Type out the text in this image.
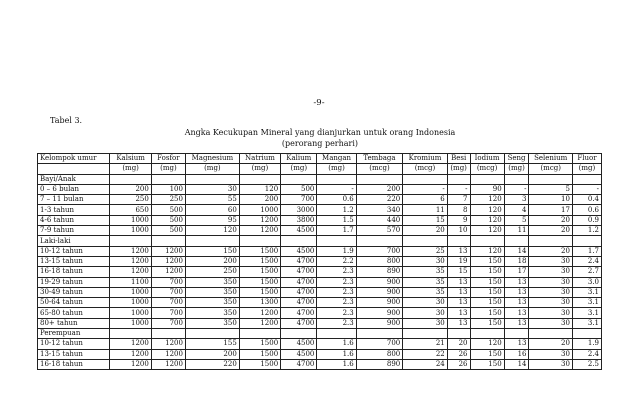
-9-
Tabel 3.
Angka Kecukupan Mineral yang dianjurkan untuk orang Indonesia
(perorang perhari)
Kelompok umur	Kalsium	Fosfor	Magnesium	Natrium	Kalium	Mangan	Tembaga	Kromium	Besi	Iodium	Seng	Selenium	Fluor
	(mg)	(mg)	(mg)	(mg)	(mg)	(mg)	(mcg)	(mcg)	(mg)	(mcg)	(mg)	(mcg)	(mg)
Bayi/Anak													
0 – 6 bulan	200	100	30	120	500	-	200	-	-	90	-	5	-
7 – 11 bulan	250	250	55	200	700	0.6	220	6	7	120	3	10	0.4
1-3 tahun	650	500	60	1000	3000	1.2	340	11	8	120	4	17	0.6
4-6 tahun	1000	500	95	1200	3800	1.5	440	15	9	120	5	20	0.9
7-9 tahun	1000	500	120	1200	4500	1.7	570	20	10	120	11	20	1.2
Laki-laki													
10-12 tahun	1200	1200	150	1500	4500	1.9	700	25	13	120	14	20	1.7
13-15 tahun	1200	1200	200	1500	4700	2.2	800	30	19	150	18	30	2.4
16-18 tahun	1200	1200	250	1500	4700	2.3	890	35	15	150	17	30	2.7
19-29 tahun	1100	700	350	1500	4700	2.3	900	35	13	150	13	30	3.0
30-49 tahun	1000	700	350	1500	4700	2.3	900	35	13	150	13	30	3.1
50-64 tahun	1000	700	350	1300	4700	2.3	900	30	13	150	13	30	3.1
65-80 tahun	1000	700	350	1200	4700	2.3	900	30	13	150	13	30	3.1
80+ tahun	1000	700	350	1200	4700	2.3	900	30	13	150	13	30	3.1
Perempuan													
10-12 tahun	1200	1200	155	1500	4500	1.6	700	21	20	120	13	20	1.9
13-15 tahun	1200	1200	200	1500	4500	1.6	800	22	26	150	16	30	2.4
16-18 tahun	1200	1200	220	1500	4700	1.6	890	24	26	150	14	30	2.5
